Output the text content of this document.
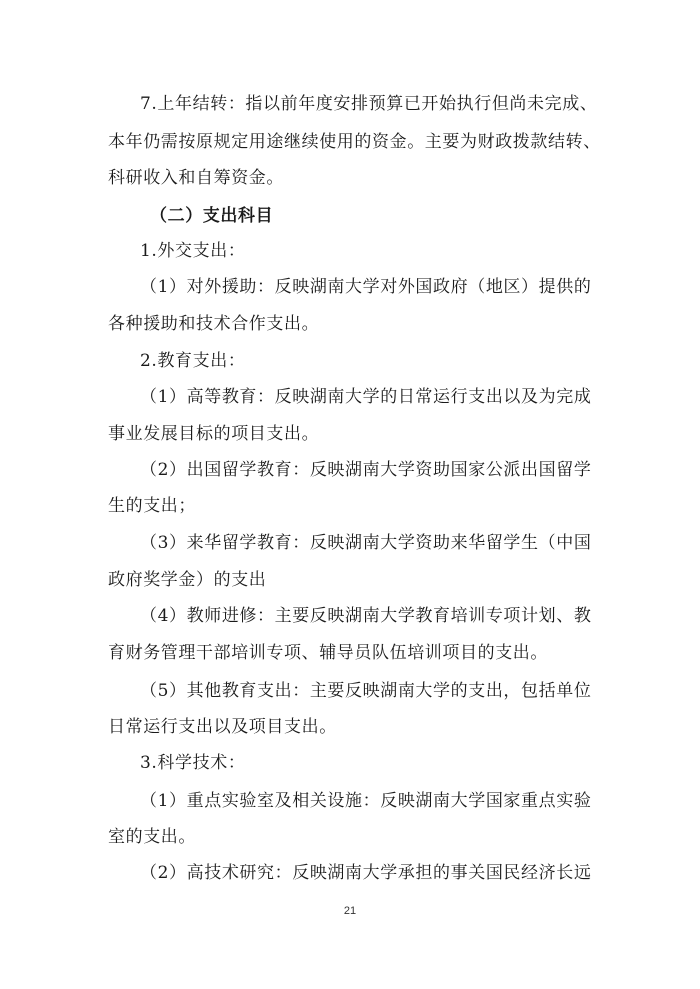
7.上年结转：指以前年度安排预算已开始执行但尚未完成、
本年仍需按原规定用途继续使用的资金。主要为财政拨款结转、
科研收入和自筹资金。
（二）支出科目
1.外交支出：
（1）对外援助：反映湖南大学对外国政府（地区）提供的
各种援助和技术合作支出。
2.教育支出：
（1）高等教育：反映湖南大学的日常运行支出以及为完成
事业发展目标的项目支出。
（2）出国留学教育：反映湖南大学资助国家公派出国留学
生的支出；
（3）来华留学教育：反映湖南大学资助来华留学生（中国
政府奖学金）的支出
（4）教师进修：主要反映湖南大学教育培训专项计划、教
育财务管理干部培训专项、辅导员队伍培训项目的支出。
（5）其他教育支出：主要反映湖南大学的支出，包括单位
日常运行支出以及项目支出。
3.科学技术：
（1）重点实验室及相关设施：反映湖南大学国家重点实验
室的支出。
（2）高技术研究：反映湖南大学承担的事关国民经济长远
21
